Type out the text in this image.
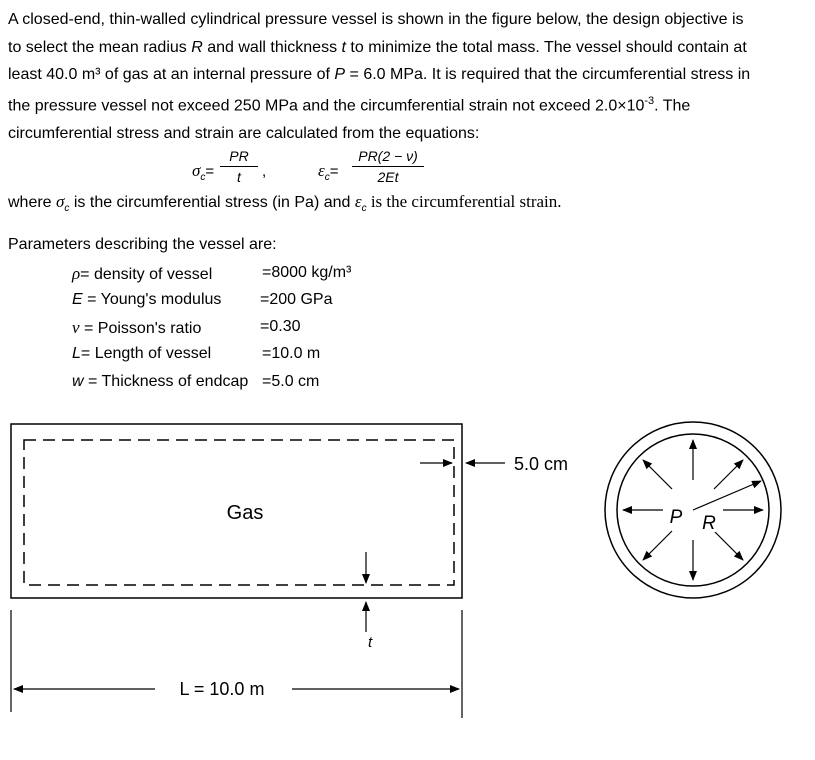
A closed-end, thin-walled cylindrical pressure vessel is shown in the figure below, the design objective is
to select the mean radius R and wall thickness t to minimize the total mass. The vessel should contain at
least 40.0 m³ of gas at an internal pressure of P = 6.0 MPa. It is required that the circumferential stress in
the pressure vessel not exceed 250 MPa and the circumferential strain not exceed $2.0\times 10^{-3}$. The
circumferential stress and strain are calculated from the equations:
$\sigma_c=$
PR
t	,	$\varepsilon_c=$
PR(2 − ν)
2Et
where $\sigma_c$ is the circumferential stress (in Pa) and $\varepsilon_c$ is the circumferential strain.
Parameters describing the vessel are:
ρ= density of vessel	=8000 kg/m³
E = Young's modulus =200 GPa
ν = Poisson's ratio	=0.30
L= Length of vessel	=10.0 m
w = Thickness of endcap =5.0 cm
Gas
5.0 cm
t
L = 10.0 m
P R
